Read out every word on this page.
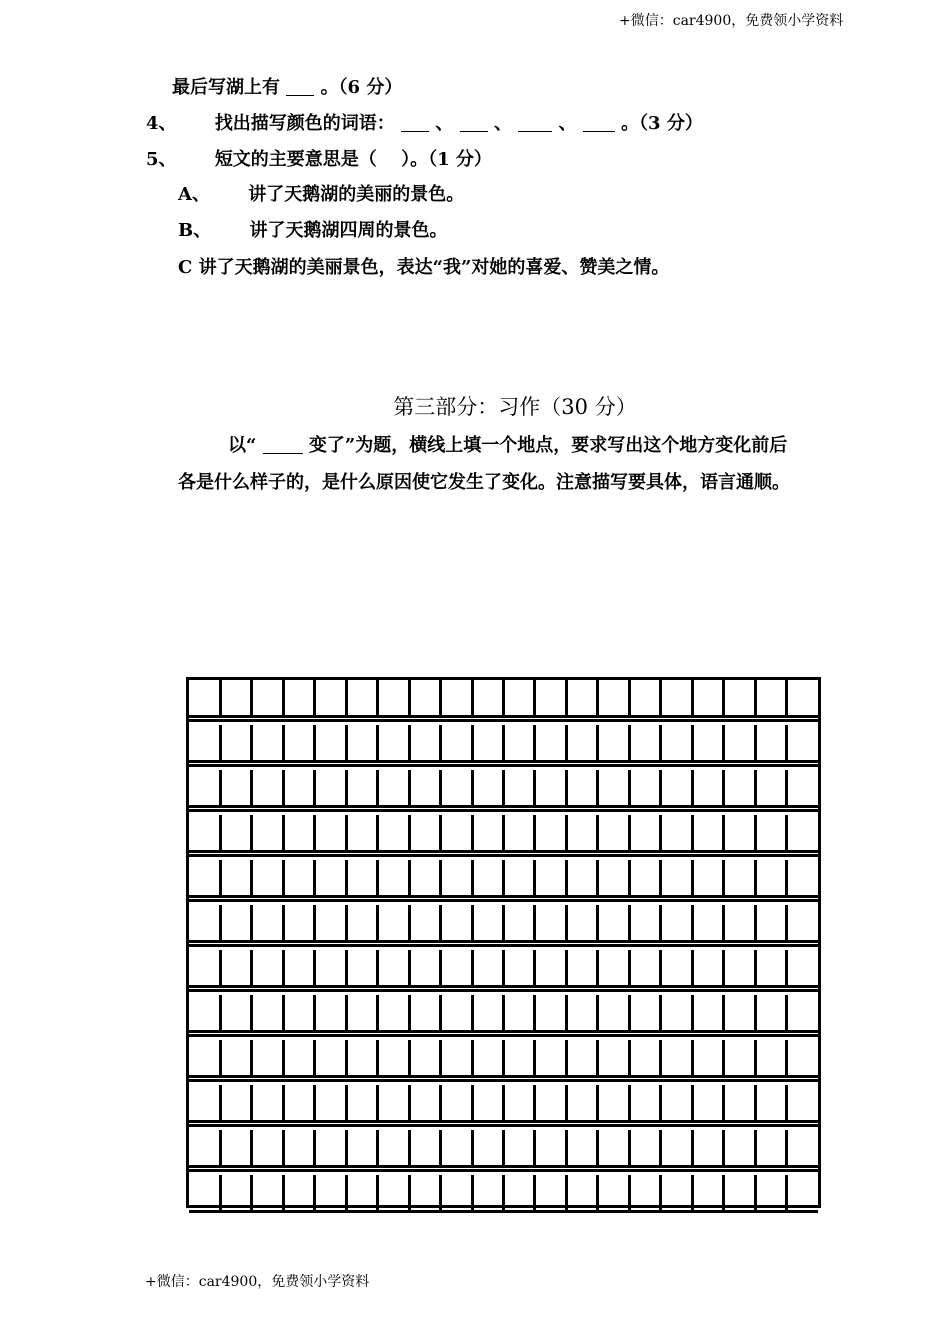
+微信：car4900，免费领小学资料
最后写湖上有 。（6 分）
4、 找出描写颜色的词语： 、 、	、 。（3 分）
5、 短文的主要意思是（　 ）。（1 分）
A、 讲了天鹅湖的美丽的景色。
B、 讲了天鹅湖四周的景色。
C 讲了天鹅湖的美丽景色，表达“我”对她的喜爱、赞美之情。
第三部分：习作（30 分）
以“	变了”为题，横线上填一个地点，要求写出这个地方变化前后
各是什么样子的，是什么原因使它发生了变化。注意描写要具体，语言通顺。
+微信：car4900，免费领小学资料
